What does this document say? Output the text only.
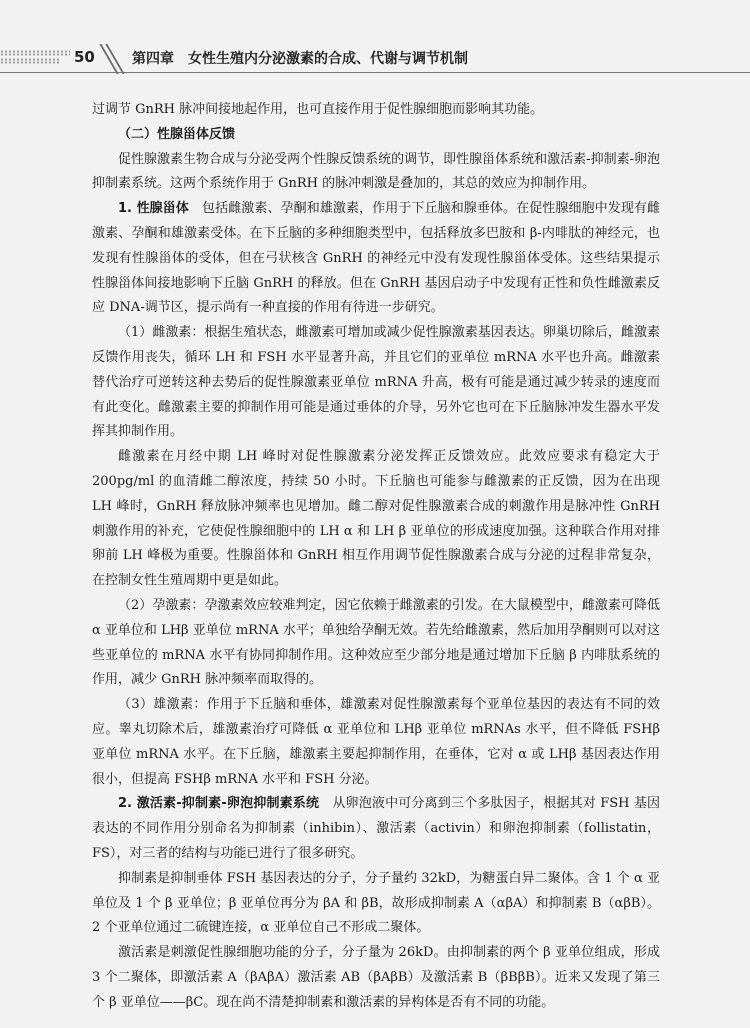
50	第四章　女性生殖内分泌激素的合成、代谢与调节机制

过调节 GnRH 脉冲间接地起作用，也可直接作用于促性腺细胞而影响其功能。

（二）性腺甾体反馈

促性腺激素生物合成与分泌受两个性腺反馈系统的调节，即性腺甾体系统和激活素-抑制素-卵泡抑制素系统。这两个系统作用于 GnRH 的脉冲刺激是叠加的，其总的效应为抑制作用。

1. 性腺甾体　包括雌激素、孕酮和雄激素，作用于下丘脑和腺垂体。在促性腺细胞中发现有雌激素、孕酮和雄激素受体。在下丘脑的多种细胞类型中，包括释放多巴胺和 β-内啡肽的神经元，也发现有性腺甾体的受体，但在弓状核含 GnRH 的神经元中没有发现性腺甾体受体。这些结果提示性腺甾体间接地影响下丘脑 GnRH 的释放。但在 GnRH 基因启动子中发现有正性和负性雌激素反应 DNA-调节区，提示尚有一种直接的作用有待进一步研究。

（1）雌激素：根据生殖状态，雌激素可增加或减少促性腺激素基因表达。卵巢切除后，雌激素反馈作用丧失，循环 LH 和 FSH 水平显著升高，并且它们的亚单位 mRNA 水平也升高。雌激素替代治疗可逆转这种去势后的促性腺激素亚单位 mRNA 升高，极有可能是通过减少转录的速度而有此变化。雌激素主要的抑制作用可能是通过垂体的介导，另外它也可在下丘脑脉冲发生器水平发挥其抑制作用。

雌激素在月经中期 LH 峰时对促性腺激素分泌发挥正反馈效应。此效应要求有稳定大于 200pg/ml 的血清雌二醇浓度，持续 50 小时。下丘脑也可能参与雌激素的正反馈，因为在出现 LH 峰时，GnRH 释放脉冲频率也见增加。雌二醇对促性腺激素合成的刺激作用是脉冲性 GnRH 刺激作用的补充，它使促性腺细胞中的 LH α 和 LH β 亚单位的形成速度加强。这种联合作用对排卵前 LH 峰极为重要。性腺甾体和 GnRH 相互作用调节促性腺激素合成与分泌的过程非常复杂，在控制女性生殖周期中更是如此。

（2）孕激素：孕激素效应较难判定，因它依赖于雌激素的引发。在大鼠模型中，雌激素可降低 α 亚单位和 LHβ 亚单位 mRNA 水平；单独给孕酮无效。若先给雌激素，然后加用孕酮则可以对这些亚单位的 mRNA 水平有协同抑制作用。这种效应至少部分地是通过增加下丘脑 β 内啡肽系统的作用，减少 GnRH 脉冲频率而取得的。

（3）雄激素：作用于下丘脑和垂体，雄激素对促性腺激素每个亚单位基因的表达有不同的效应。睾丸切除术后，雄激素治疗可降低 α 亚单位和 LHβ 亚单位 mRNAs 水平，但不降低 FSHβ 亚单位 mRNA 水平。在下丘脑，雄激素主要起抑制作用，在垂体，它对 α 或 LHβ 基因表达作用很小，但提高 FSHβ mRNA 水平和 FSH 分泌。

2. 激活素-抑制素-卵泡抑制素系统　从卵泡液中可分离到三个多肽因子，根据其对 FSH 基因表达的不同作用分别命名为抑制素（inhibin）、激活素（activin）和卵泡抑制素（follistatin，FS），对三者的结构与功能已进行了很多研究。

抑制素是抑制垂体 FSH 基因表达的分子，分子量约 32kD，为糖蛋白异二聚体。含 1 个 α 亚单位及 1 个 β 亚单位；β 亚单位再分为 βA 和 βB，故形成抑制素 A（αβA）和抑制素 B（αβB）。2 个亚单位通过二硫键连接，α 亚单位自己不形成二聚体。

激活素是刺激促性腺细胞功能的分子，分子量为 26kD。由抑制素的两个 β 亚单位组成，形成 3 个二聚体，即激活素 A（βAβA）激活素 AB（βAβB）及激活素 B（βBβB）。近来又发现了第三个 β 亚单位——βC。现在尚不清楚抑制素和激活素的异构体是否有不同的功能。
